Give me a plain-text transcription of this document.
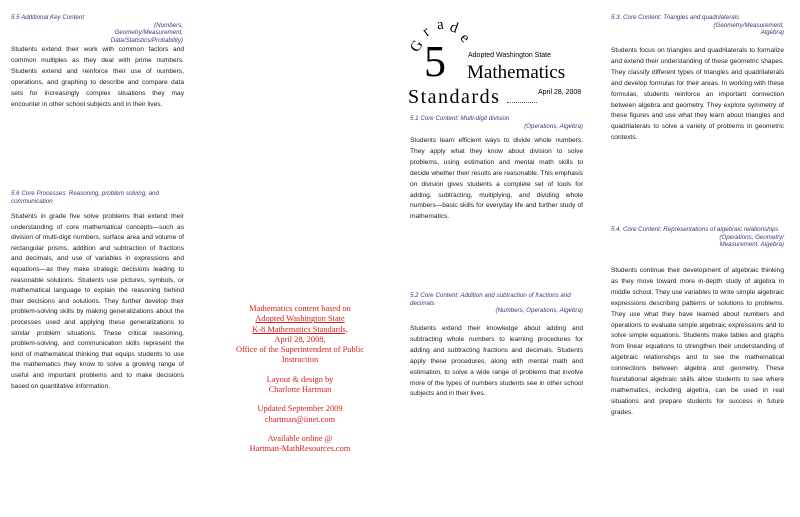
5.5 Additional Key Content
(Numbers,
Geometry/Measurement,
Data/Statistics/Probability)

Students extend their work with common factors and common multiples as they deal with prime numbers. Students extend and reinforce their use of numbers, operations, and graphing to describe and compare data sets for increasingly complex situations they may encounter in other school subjects and in their lives.

5.6 Core Processes: Reasoning, problem solving, and communication

Students in grade five solve problems that extend their understanding of core mathematical concepts—such as division of multi-digit numbers, surface area and volume of rectangular prisms, addition and subtraction of fractions and decimals, and use of variables in expressions and equations—as they make strategic decisions leading to reasonable solutions. Students use pictures, symbols, or mathematical language to explain the reasoning behind their decisions and solutions. They further develop their problem-solving skills by making generalizations about the processes used and applying these generalizations to similar problem situations. These critical reasoning, problem-solving, and communication skills represent the kind of mathematical thinking that equips students to use the mathematics they know to solve a growing range of useful and important problems and to make decisions based on quantitative information.

Mathematics content based on
Adopted Washington State
K-8 Mathematics Standards,
April 28, 2008,
Office of the Superintendent of Public Instruction
Layout & design by
Charlotte Hartman
Updated September 2009
chartman@iinet.com
Available online @
Hartman-MathResources.com
G
r a d
e
5	Adopted Washington State
Mathematics
Standards	April 28, 2008
5.1 Core Content: Multi-digit division
(Operations, Algebra)

Students learn efficient ways to divide whole numbers. They apply what they know about division to solve problems, using estimation and mental math skills to decide whether their results are reasonable. This emphasis on division gives students a complete set of tools for adding, subtracting, multiplying, and dividing whole numbers—basic skills for everyday life and further study of mathematics.

5.2 Core Content: Addition and subtraction of fractions and decimals
(Numbers, Operations, Algebra)

Students extend their knowledge about adding and subtracting whole numbers to learning procedures for adding and subtracting fractions and decimals. Students apply these procedures, along with mental math and estimation, to solve a wide range of problems that involve more of the types of numbers students see in other school subjects and in their lives.

5.3. Core Content: Triangles and quadrilaterals
(Geometry/Measurement,
Algebra)

Students focus on triangles and quadrilaterals to formalize and extend their understanding of these geometric shapes. They classify different types of triangles and quadrilaterals and develop formulas for their areas. In working with these formulas, students reinforce an important connection between algebra and geometry. They explore symmetry of these figures and use what they learn about triangles and quadrilaterals to solve a variety of problems in geometric contexts.

5.4. Core Content: Representations of algebraic relationships
(Operations, Geometry/
Measurement, Algebra)

Students continue their development of algebraic thinking as they move toward more in-depth study of algebra in middle school. They use variables to write simple algebraic expressions describing patterns or solutions to problems. They use what they have learned about numbers and operations to evaluate simple algebraic expressions and to solve simple equations. Students make tables and graphs from linear equations to strengthen their understanding of algebraic relationships and to see the mathematical connections between algebra and geometry. These foundational algebraic skills allow students to see where mathematics, including algebra, can be used in real situations and prepare students for success in future grades.
